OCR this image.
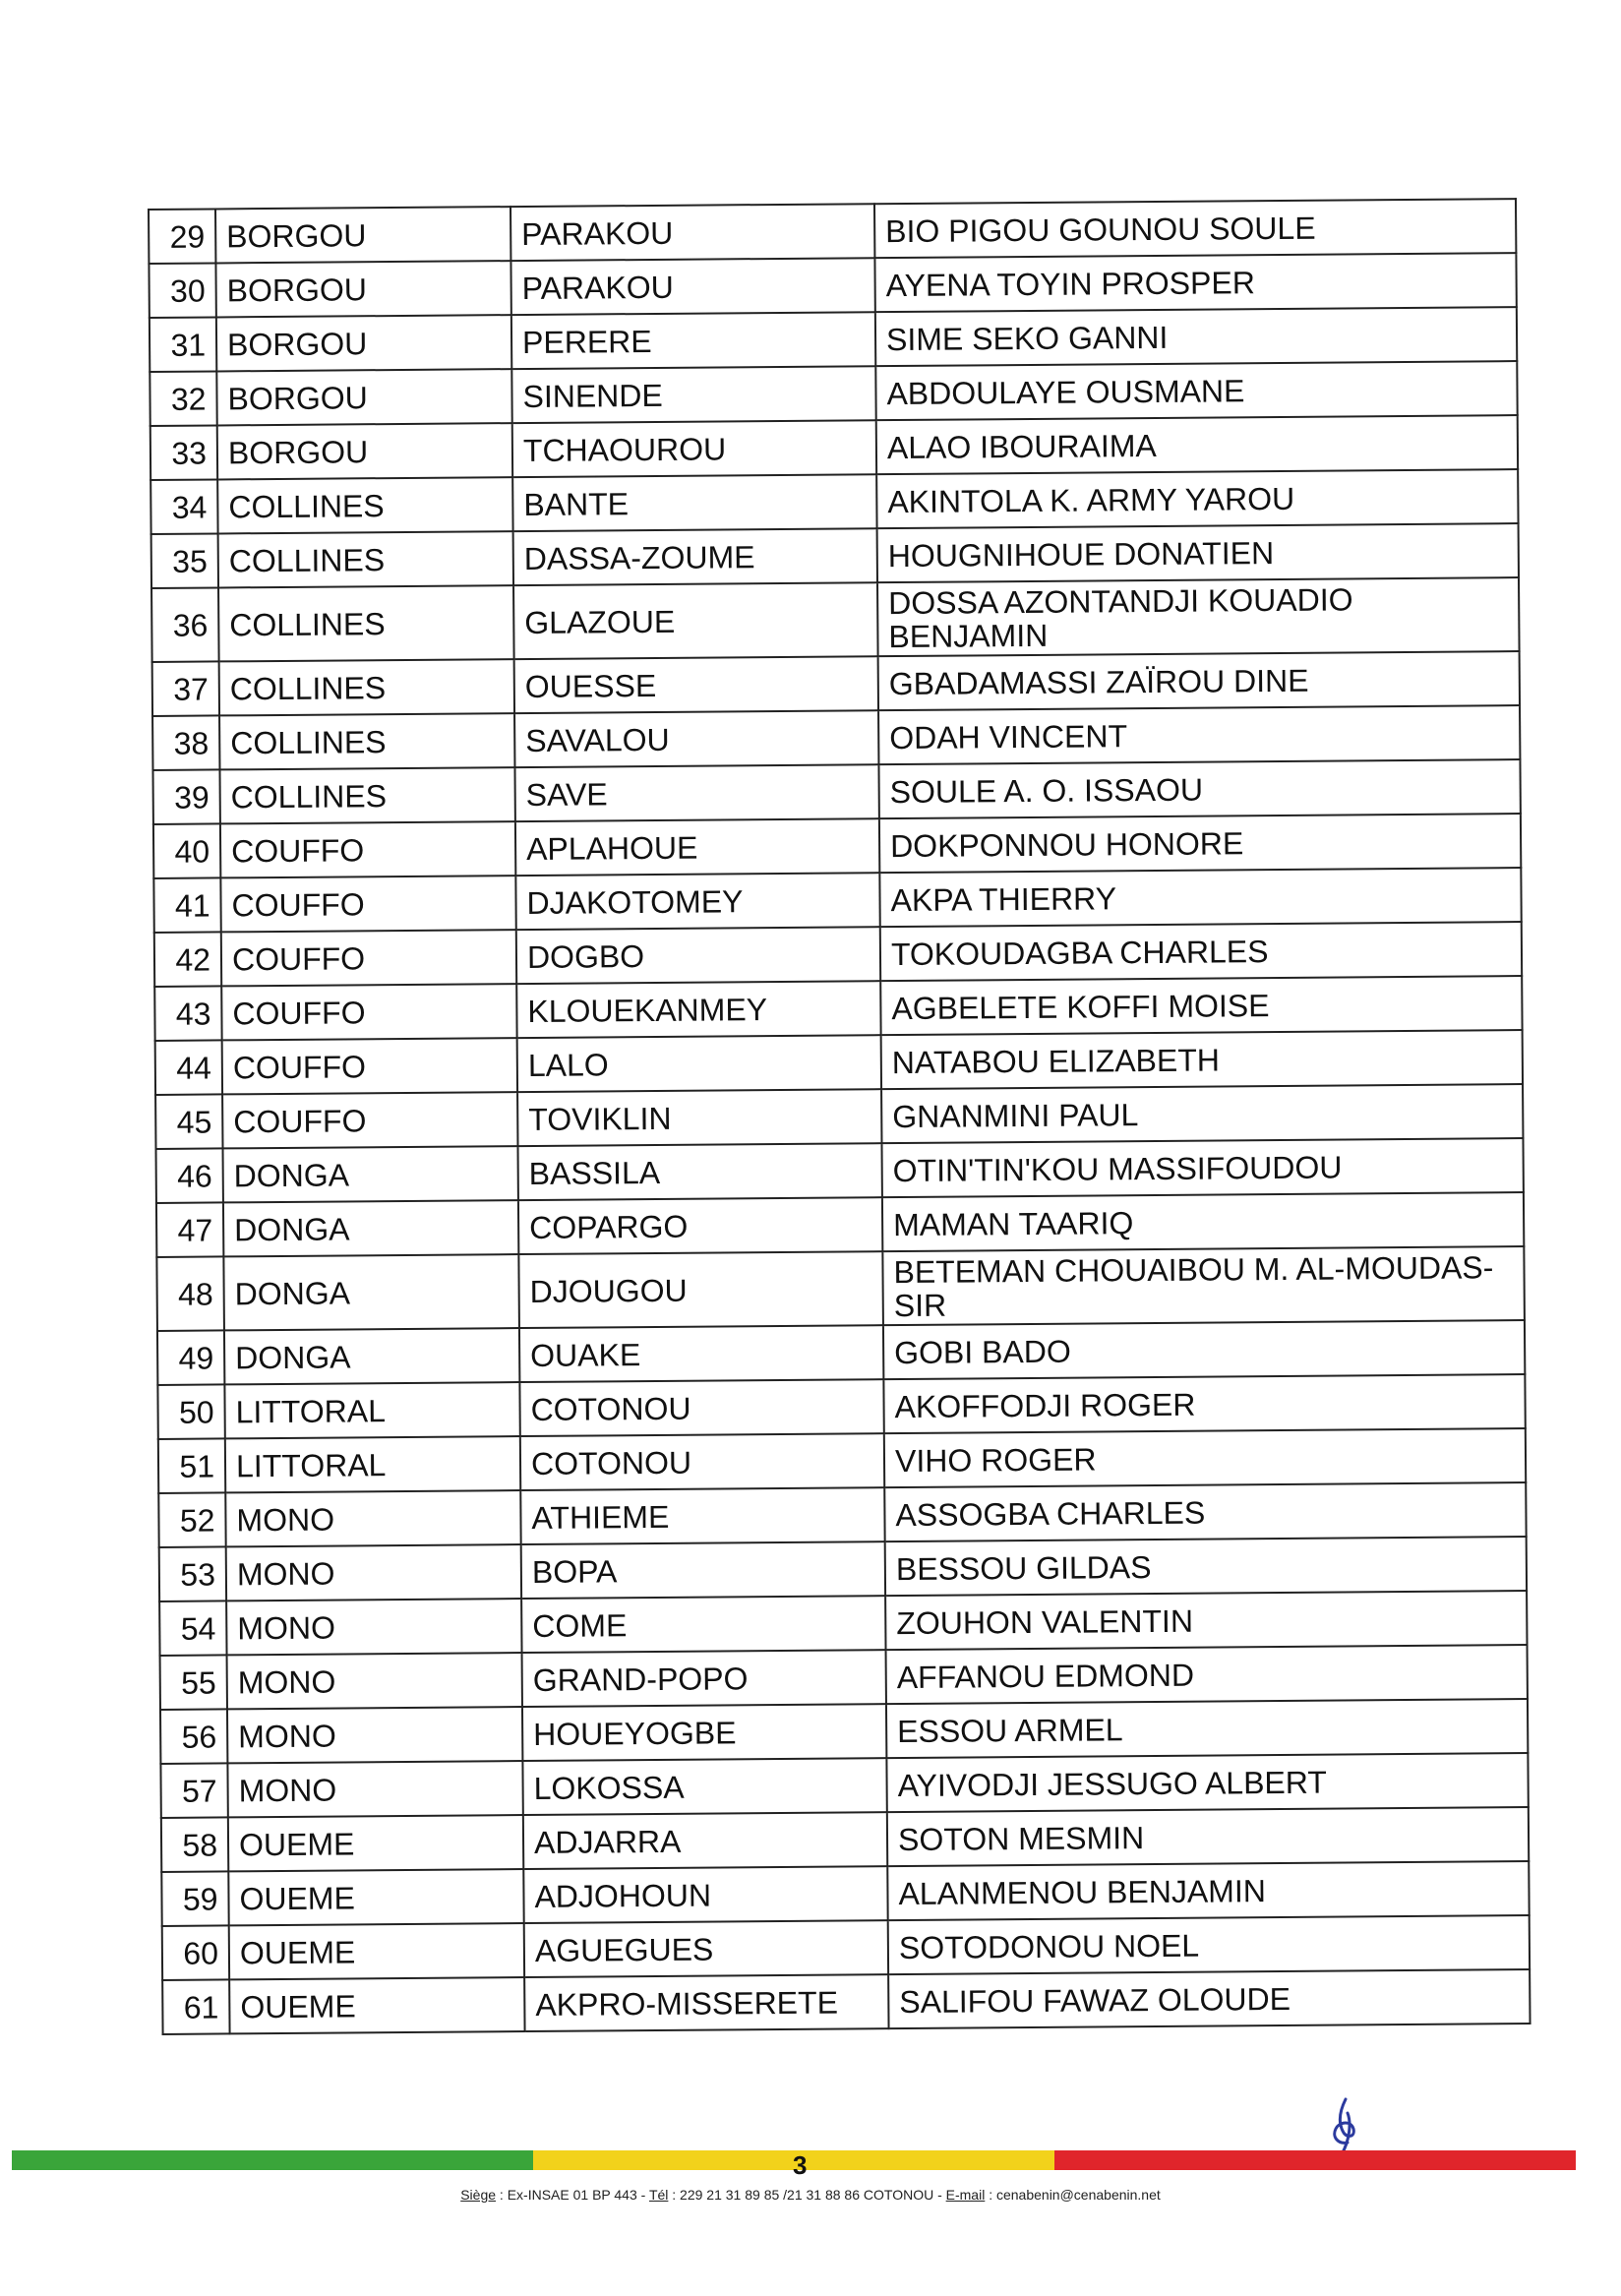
29	BORGOU	PARAKOU	BIO PIGOU GOUNOU SOULE
30	BORGOU	PARAKOU	AYENA TOYIN PROSPER
31	BORGOU	PERERE	SIME SEKO GANNI
32	BORGOU	SINENDE	ABDOULAYE OUSMANE
33	BORGOU	TCHAOUROU	ALAO IBOURAIMA
34	COLLINES	BANTE	AKINTOLA K. ARMY YAROU
35	COLLINES	DASSA-ZOUME	HOUGNIHOUE DONATIEN
36	COLLINES	GLAZOUE	DOSSA AZONTANDJI KOUADIO BENJAMIN
37	COLLINES	OUESSE	GBADAMASSI ZAÏROU DINE
38	COLLINES	SAVALOU	ODAH VINCENT
39	COLLINES	SAVE	SOULE A. O. ISSAOU
40	COUFFO	APLAHOUE	DOKPONNOU HONORE
41	COUFFO	DJAKOTOMEY	AKPA THIERRY
42	COUFFO	DOGBO	TOKOUDAGBA CHARLES
43	COUFFO	KLOUEKANMEY	AGBELETE KOFFI MOISE
44	COUFFO	LALO	NATABOU ELIZABETH
45	COUFFO	TOVIKLIN	GNANMINI PAUL
46	DONGA	BASSILA	OTIN'TIN'KOU MASSIFOUDOU
47	DONGA	COPARGO	MAMAN TAARIQ
48	DONGA	DJOUGOU	BETEMAN CHOUAIBOU M. AL-MOUDAS-SIR
49	DONGA	OUAKE	GOBI BADO
50	LITTORAL	COTONOU	AKOFFODJI ROGER
51	LITTORAL	COTONOU	VIHO ROGER
52	MONO	ATHIEME	ASSOGBA CHARLES
53	MONO	BOPA	BESSOU GILDAS
54	MONO	COME	ZOUHON VALENTIN
55	MONO	GRAND-POPO	AFFANOU EDMOND
56	MONO	HOUEYOGBE	ESSOU ARMEL
57	MONO	LOKOSSA	AYIVODJI JESSUGO ALBERT
58	OUEME	ADJARRA	SOTON MESMIN
59	OUEME	ADJOHOUN	ALANMENOU BENJAMIN
60	OUEME	AGUEGUES	SOTODONOU NOEL
61	OUEME	AKPRO-MISSERETE	SALIFOU FAWAZ OLOUDE
3
Siège : Ex-INSAE 01 BP 443 - Tél : 229 21 31 89 85 /21 31 88 86 COTONOU - E-mail : cenabenin@cenabenin.net
